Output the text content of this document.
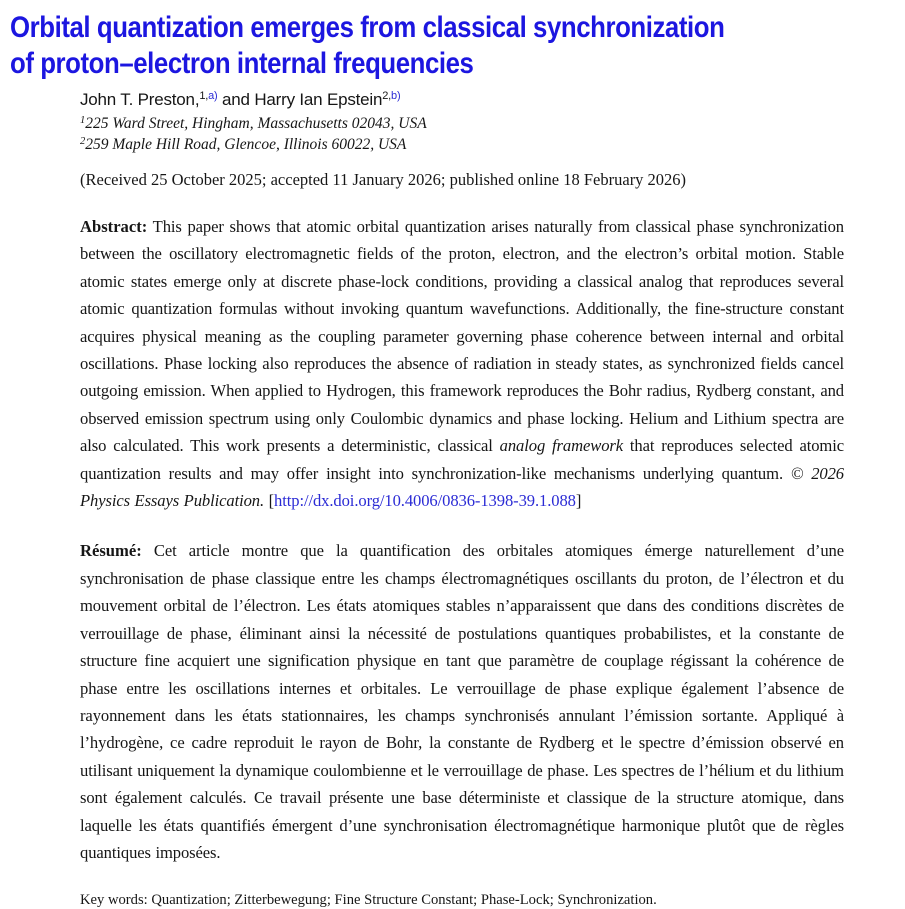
Orbital quantization emerges from classical synchronization
of proton–electron internal frequencies
John T. Preston,$^{1,a)}$ and Harry Ian Epstein$^{2,b)}$
$^1$225 Ward Street, Hingham, Massachusetts 02043, USA
$^2$259 Maple Hill Road, Glencoe, Illinois 60022, USA
(Received 25 October 2025; accepted 11 January 2026; published online 18 February 2026)

Abstract: This paper shows that atomic orbital quantization arises naturally from classical phase synchronization between the oscillatory electromagnetic fields of the proton, electron, and the electron’s orbital motion. Stable atomic states emerge only at discrete phase-lock conditions, providing a classical analog that reproduces several atomic quantization formulas without invoking quantum wavefunctions. Additionally, the fine-structure constant acquires physical meaning as the coupling parameter governing phase coherence between internal and orbital oscillations. Phase locking also reproduces the absence of radiation in steady states, as synchronized fields cancel outgoing emission. When applied to Hydrogen, this framework reproduces the Bohr radius, Rydberg constant, and observed emission spectrum using only Coulombic dynamics and phase locking. Helium and Lithium spectra are also calculated. This work presents a deterministic, classical analog framework that reproduces selected atomic quantization results and may offer insight into synchronization-like mechanisms underlying quantum. © 2026 Physics Essays Publication. [http://dx.doi.org/10.4006/0836-1398-39.1.088]

Résumé: Cet article montre que la quantification des orbitales atomiques émerge naturellement d’une synchronisation de phase classique entre les champs électromagnétiques oscillants du proton, de l’électron et du mouvement orbital de l’électron. Les états atomiques stables n’apparaissent que dans des conditions discrètes de verrouillage de phase, éliminant ainsi la nécessité de postulations quantiques probabilistes, et la constante de structure fine acquiert une signification physique en tant que paramètre de couplage régissant la cohérence de phase entre les oscillations internes et orbitales. Le verrouillage de phase explique également l’absence de rayonnement dans les états stationnaires, les champs synchronisés annulant l’émission sortante. Appliqué à l’hydrogène, ce cadre reproduit le rayon de Bohr, la constante de Rydberg et le spectre d’émission observé en utilisant uniquement la dynamique coulombienne et le verrouillage de phase. Les spectres de l’hélium et du lithium sont également calculés. Ce travail présente une base déterministe et classique de la structure atomique, dans laquelle les états quantifiés émergent d’une synchronisation électromagnétique harmonique plutôt que de règles quantiques imposées.

Key words: Quantization; Zitterbewegung; Fine Structure Constant; Phase-Lock; Synchronization.
